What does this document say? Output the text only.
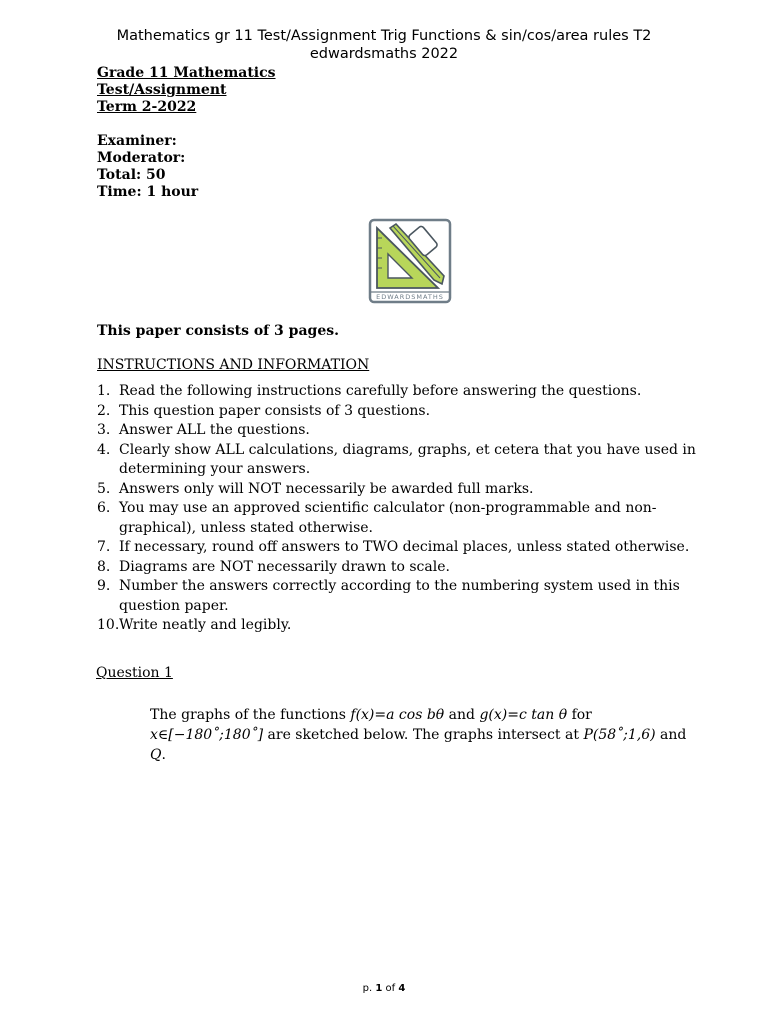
Mathematics gr 11 Test/Assignment Trig Functions & sin/cos/area rules T2
edwardsmaths 2022
Grade 11 Mathematics
Test/Assignment
Term 2-2022
Examiner:
Moderator:
Total: 50
Time: 1 hour
EDWARDSMATHS
This paper consists of 3 pages.
INSTRUCTIONS AND INFORMATION
1. Read the following instructions carefully before answering the questions.
2. This question paper consists of 3 questions.
3. Answer ALL the questions.
4. Clearly show ALL calculations, diagrams, graphs, et cetera that you have used in determining your answers.
5. Answers only will NOT necessarily be awarded full marks.
6. You may use an approved scientific calculator (non-programmable and non-graphical), unless stated otherwise.
7. If necessary, round off answers to TWO decimal places, unless stated otherwise.
8. Diagrams are NOT necessarily drawn to scale.
9. Number the answers correctly according to the numbering system used in this question paper.
10. Write neatly and legibly.
Question 1
The graphs of the functions f(x)=a cos bθ and g(x)=c tan θ for x∈[−180˚;180˚] are sketched below. The graphs intersect at P(58˚;1,6) and Q.
p. 1 of 4
